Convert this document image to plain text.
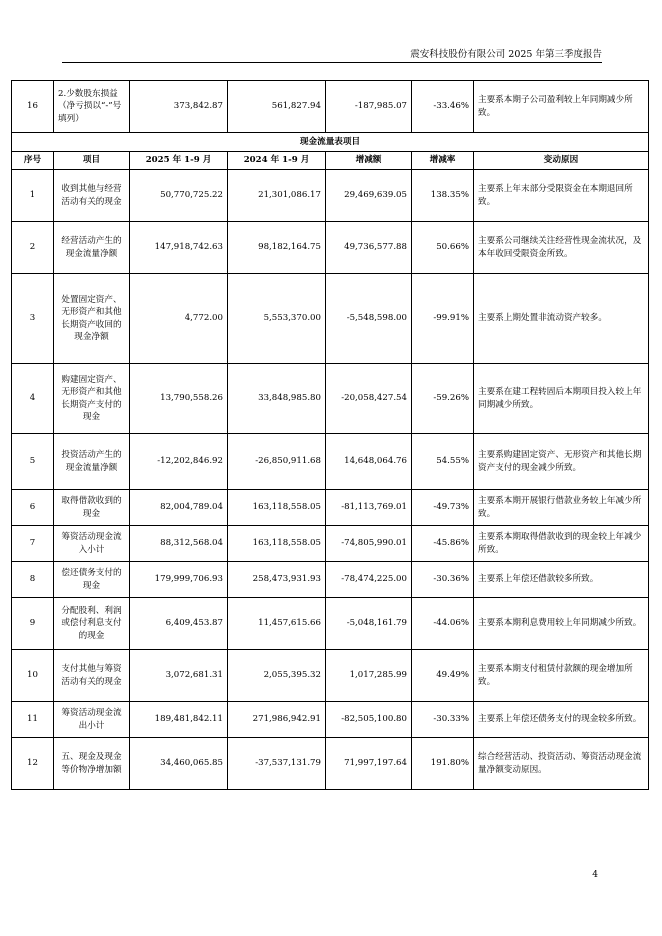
震安科技股份有限公司 2025 年第三季度报告
16	2.少数股东损益（净亏损以“-”号填列）	373,842.87	561,827.94	-187,985.07	-33.46%	主要系本期子公司盈利较上年同期减少所致。
现金流量表项目						
序号	项目	2025 年 1-9 月	2024 年 1-9 月	增减额	增减率	变动原因
1	收到其他与经营活动有关的现金	50,770,725.22	21,301,086.17	29,469,639.05	138.35%	主要系上年末部分受限资金在本期退回所致。
2	经营活动产生的现金流量净额	147,918,742.63	98,182,164.75	49,736,577.88	50.66%	主要系公司继续关注经营性现金流状况，及本年收回受限资金所致。
3	处置固定资产、无形资产和其他长期资产收回的现金净额	4,772.00	5,553,370.00	-5,548,598.00	-99.91%	主要系上期处置非流动资产较多。
4	购建固定资产、无形资产和其他长期资产支付的现金	13,790,558.26	33,848,985.80	-20,058,427.54	-59.26%	主要系在建工程转固后本期项目投入较上年同期减少所致。
5	投资活动产生的现金流量净额	-12,202,846.92	-26,850,911.68	14,648,064.76	54.55%	主要系购建固定资产、无形资产和其他长期资产支付的现金减少所致。
6	取得借款收到的现金	82,004,789.04	163,118,558.05	-81,113,769.01	-49.73%	主要系本期开展银行借款业务较上年减少所致。
7	筹资活动现金流入小计	88,312,568.04	163,118,558.05	-74,805,990.01	-45.86%	主要系本期取得借款收到的现金较上年减少所致。
8	偿还债务支付的现金	179,999,706.93	258,473,931.93	-78,474,225.00	-30.36%	主要系上年偿还借款较多所致。
9	分配股利、利润或偿付利息支付的现金	6,409,453.87	11,457,615.66	-5,048,161.79	-44.06%	主要系本期利息费用较上年同期减少所致。
10	支付其他与筹资活动有关的现金	3,072,681.31	2,055,395.32	1,017,285.99	49.49%	主要系本期支付租赁付款额的现金增加所致。
11	筹资活动现金流出小计	189,481,842.11	271,986,942.91	-82,505,100.80	-30.33%	主要系上年偿还债务支付的现金较多所致。
12	五、现金及现金等价物净增加额	34,460,065.85	-37,537,131.79	71,997,197.64	191.80%	综合经营活动、投资活动、筹资活动现金流量净额变动原因。
4
